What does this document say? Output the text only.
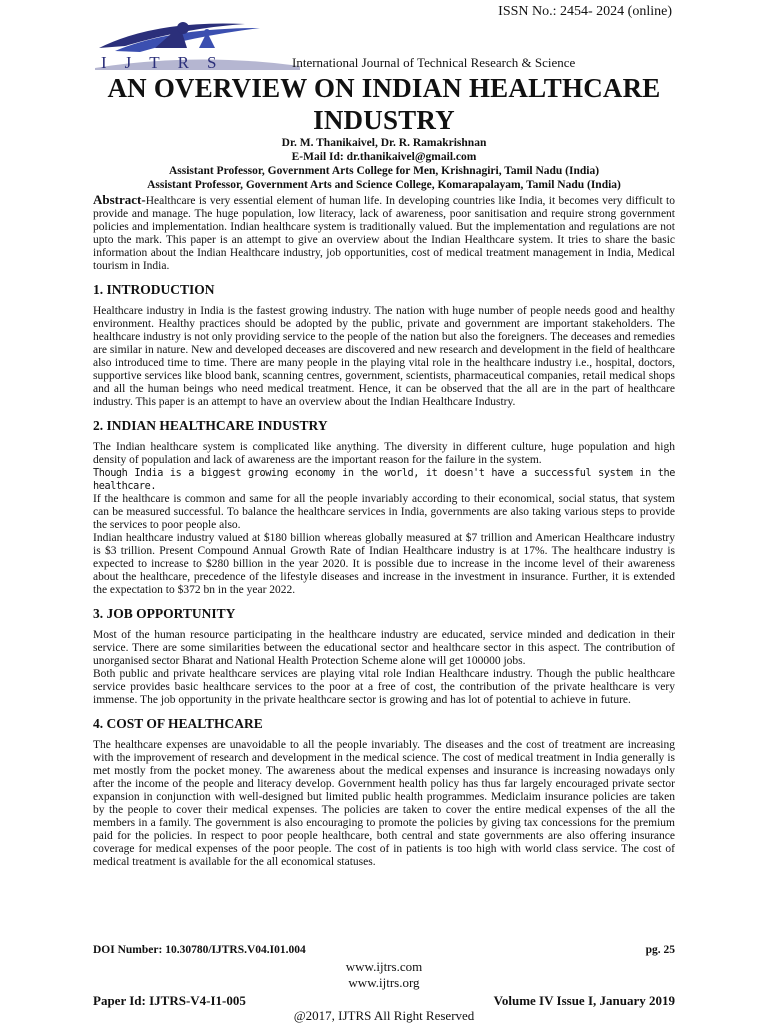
ISSN No.: 2454- 2024 (online)
IJTRS	International Journal of Technical Research & Science
AN OVERVIEW ON INDIAN HEALTHCARE
INDUSTRY
Dr. M. Thanikaivel, Dr. R. Ramakrishnan
E-Mail Id: dr.thanikaivel@gmail.com
Assistant Professor, Government Arts College for Men, Krishnagiri, Tamil Nadu (India)
Assistant Professor, Government Arts and Science College, Komarapalayam, Tamil Nadu (India)

Abstract-Healthcare is very essential element of human life. In developing countries like India, it becomes very difficult to provide and manage. The huge population, low literacy, lack of awareness, poor sanitisation and require strong government policies and implementation. Indian healthcare system is traditionally valued. But the implementation and regulations are not upto the mark. This paper is an attempt to give an overview about the Indian Healthcare system. It tries to share the basic information about the Indian Healthcare industry, job opportunities, cost of medical treatment management in India, Medical tourism in India.

1. INTRODUCTION

Healthcare industry in India is the fastest growing industry. The nation with huge number of people needs good and healthy environment. Healthy practices should be adopted by the public, private and government are important stakeholders. The healthcare industry is not only providing service to the people of the nation but also the foreigners. The deceases and remedies are similar in nature. New and developed deceases are discovered and new research and development in the field of healthcare also introduced time to time. There are many people in the playing vital role in the healthcare industry i.e., hospital, doctors, supportive services like blood bank, scanning centres, government, scientists, pharmaceutical companies, retail medical shops and all the human beings who need medical treatment. Hence, it can be observed that the all are in the part of healthcare industry. This paper is an attempt to have an overview about the Indian Healthcare Industry.

2. INDIAN HEALTHCARE INDUSTRY

The Indian healthcare system is complicated like anything. The diversity in different culture, huge population and high density of population and lack of awareness are the important reason for the failure in the system.

Though India is a biggest growing economy in the world, it doesn't have a successful system in the healthcare.

If the healthcare is common and same for all the people invariably according to their economical, social status, that system can be measured successful. To balance the healthcare services in India, governments are also taking various steps to provide the services to poor people also.

Indian healthcare industry valued at $180 billion whereas globally measured at $7 trillion and American Healthcare industry is $3 trillion. Present Compound Annual Growth Rate of Indian Healthcare industry is at 17%. The healthcare industry is expected to increase to $280 billion in the year 2020. It is possible due to increase in the income level of their awareness about the healthcare, precedence of the lifestyle diseases and increase in the investment in insurance. Further, it is extended the expectation to $372 bn in the year 2022.

3. JOB OPPORTUNITY

Most of the human resource participating in the healthcare industry are educated, service minded and dedication in their service. There are some similarities between the educational sector and healthcare sector in this aspect. The contribution of unorganised sector Bharat and National Health Protection Scheme alone will get 100000 jobs.

Both public and private healthcare services are playing vital role Indian Healthcare industry. Though the public healthcare service provides basic healthcare services to the poor at a free of cost, the contribution of the private healthcare is very immense. The job opportunity in the private healthcare sector is growing and has lot of potential to achieve in future.

4. COST OF HEALTHCARE

The healthcare expenses are unavoidable to all the people invariably. The diseases and the cost of treatment are increasing with the improvement of research and development in the medical science. The cost of medical treatment in India generally is met mostly from the pocket money. The awareness about the medical expenses and insurance is increasing nowadays only after the income of the people and literacy develop. Government health policy has thus far largely encouraged private sector expansion in conjunction with well-designed but limited public health programmes. Mediclaim insurance policies are taken by the people to cover their medical expenses. The policies are taken to cover the entire medical expenses of the all the members in a family. The government is also encouraging to promote the policies by giving tax concessions for the premium paid for the policies. In respect to poor people healthcare, both central and state governments are also offering insurance coverage for medical expenses of the poor people. The cost of in patients is too high with world class service. The cost of medical treatment is available for the all economical statuses.

DOI Number: 10.30780/IJTRS.V04.I01.004	pg. 25
www.ijtrs.com
www.ijtrs.org
Paper Id: IJTRS-V4-I1-005	Volume IV Issue I, January 2019
@2017, IJTRS All Right Reserved
